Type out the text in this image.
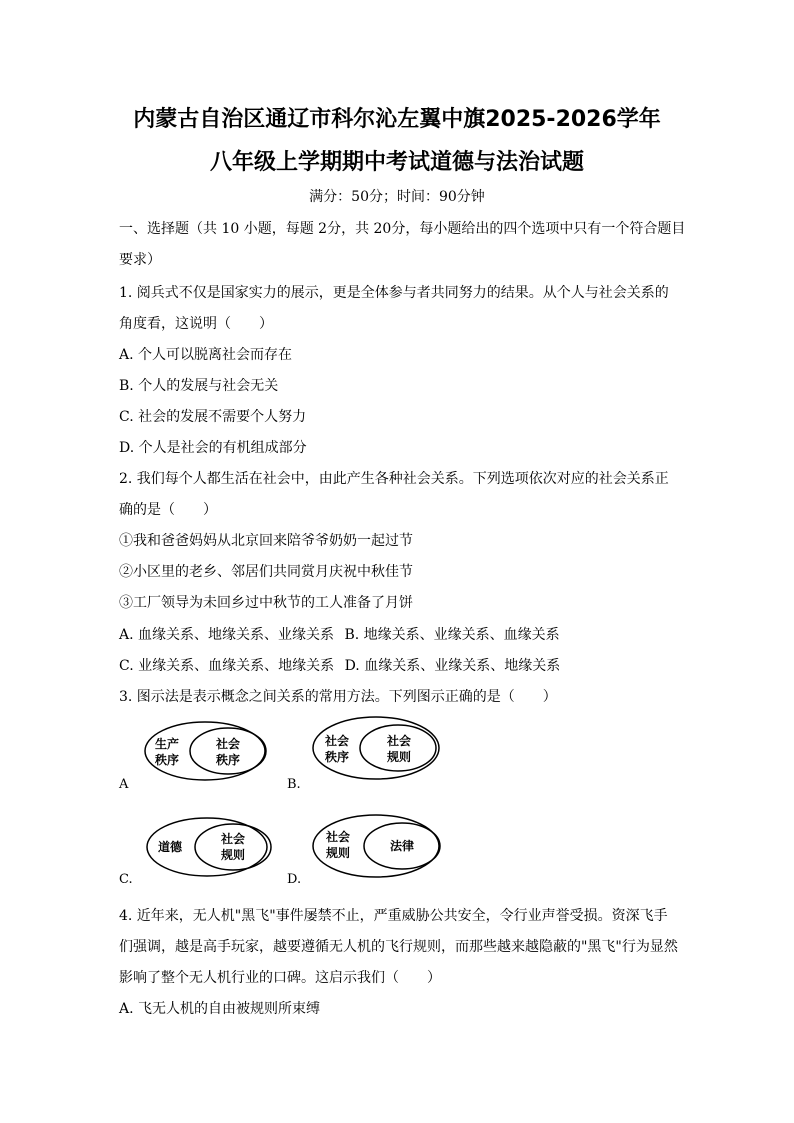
内蒙古自治区通辽市科尔沁左翼中旗2025-2026学年
八年级上学期期中考试道德与法治试题
满分：50分；时间：90分钟
一、选择题（共 10 小题，每题 2分，共 20分，每小题给出的四个选项中只有一个符合题目
要求）
1. 阅兵式不仅是国家实力的展示，更是全体参与者共同努力的结果。从个人与社会关系的
角度看，这说明（　　）
A. 个人可以脱离社会而存在
B. 个人的发展与社会无关
C. 社会的发展不需要个人努力
D. 个人是社会的有机组成部分
2. 我们每个人都生活在社会中，由此产生各种社会关系。下列选项依次对应的社会关系正
确的是（　　）
①我和爸爸妈妈从北京回来陪爷爷奶奶一起过节
②小区里的老乡、邻居们共同赏月庆祝中秋佳节
③工厂领导为未回乡过中秋节的工人准备了月饼
A. 血缘关系、地缘关系、业缘关系 B. 地缘关系、业缘关系、血缘关系
C. 业缘关系、血缘关系、地缘关系 D. 血缘关系、业缘关系、地缘关系
3. 图示法是表示概念之间关系的常用方法。下列图示正确的是（　　）
生产
秩序
社会
秩序
A
社会
秩序
社会
规则
B.
道德
社会
规则
C.
社会
规则	法律
D.
4. 近年来，无人机"黑飞"事件屡禁不止，严重威胁公共安全，令行业声誉受损。资深飞手
们强调，越是高手玩家，越要遵循无人机的飞行规则，而那些越来越隐蔽的"黑飞"行为显然
影响了整个无人机行业的口碑。这启示我们（　　）
A. 飞无人机的自由被规则所束缚
